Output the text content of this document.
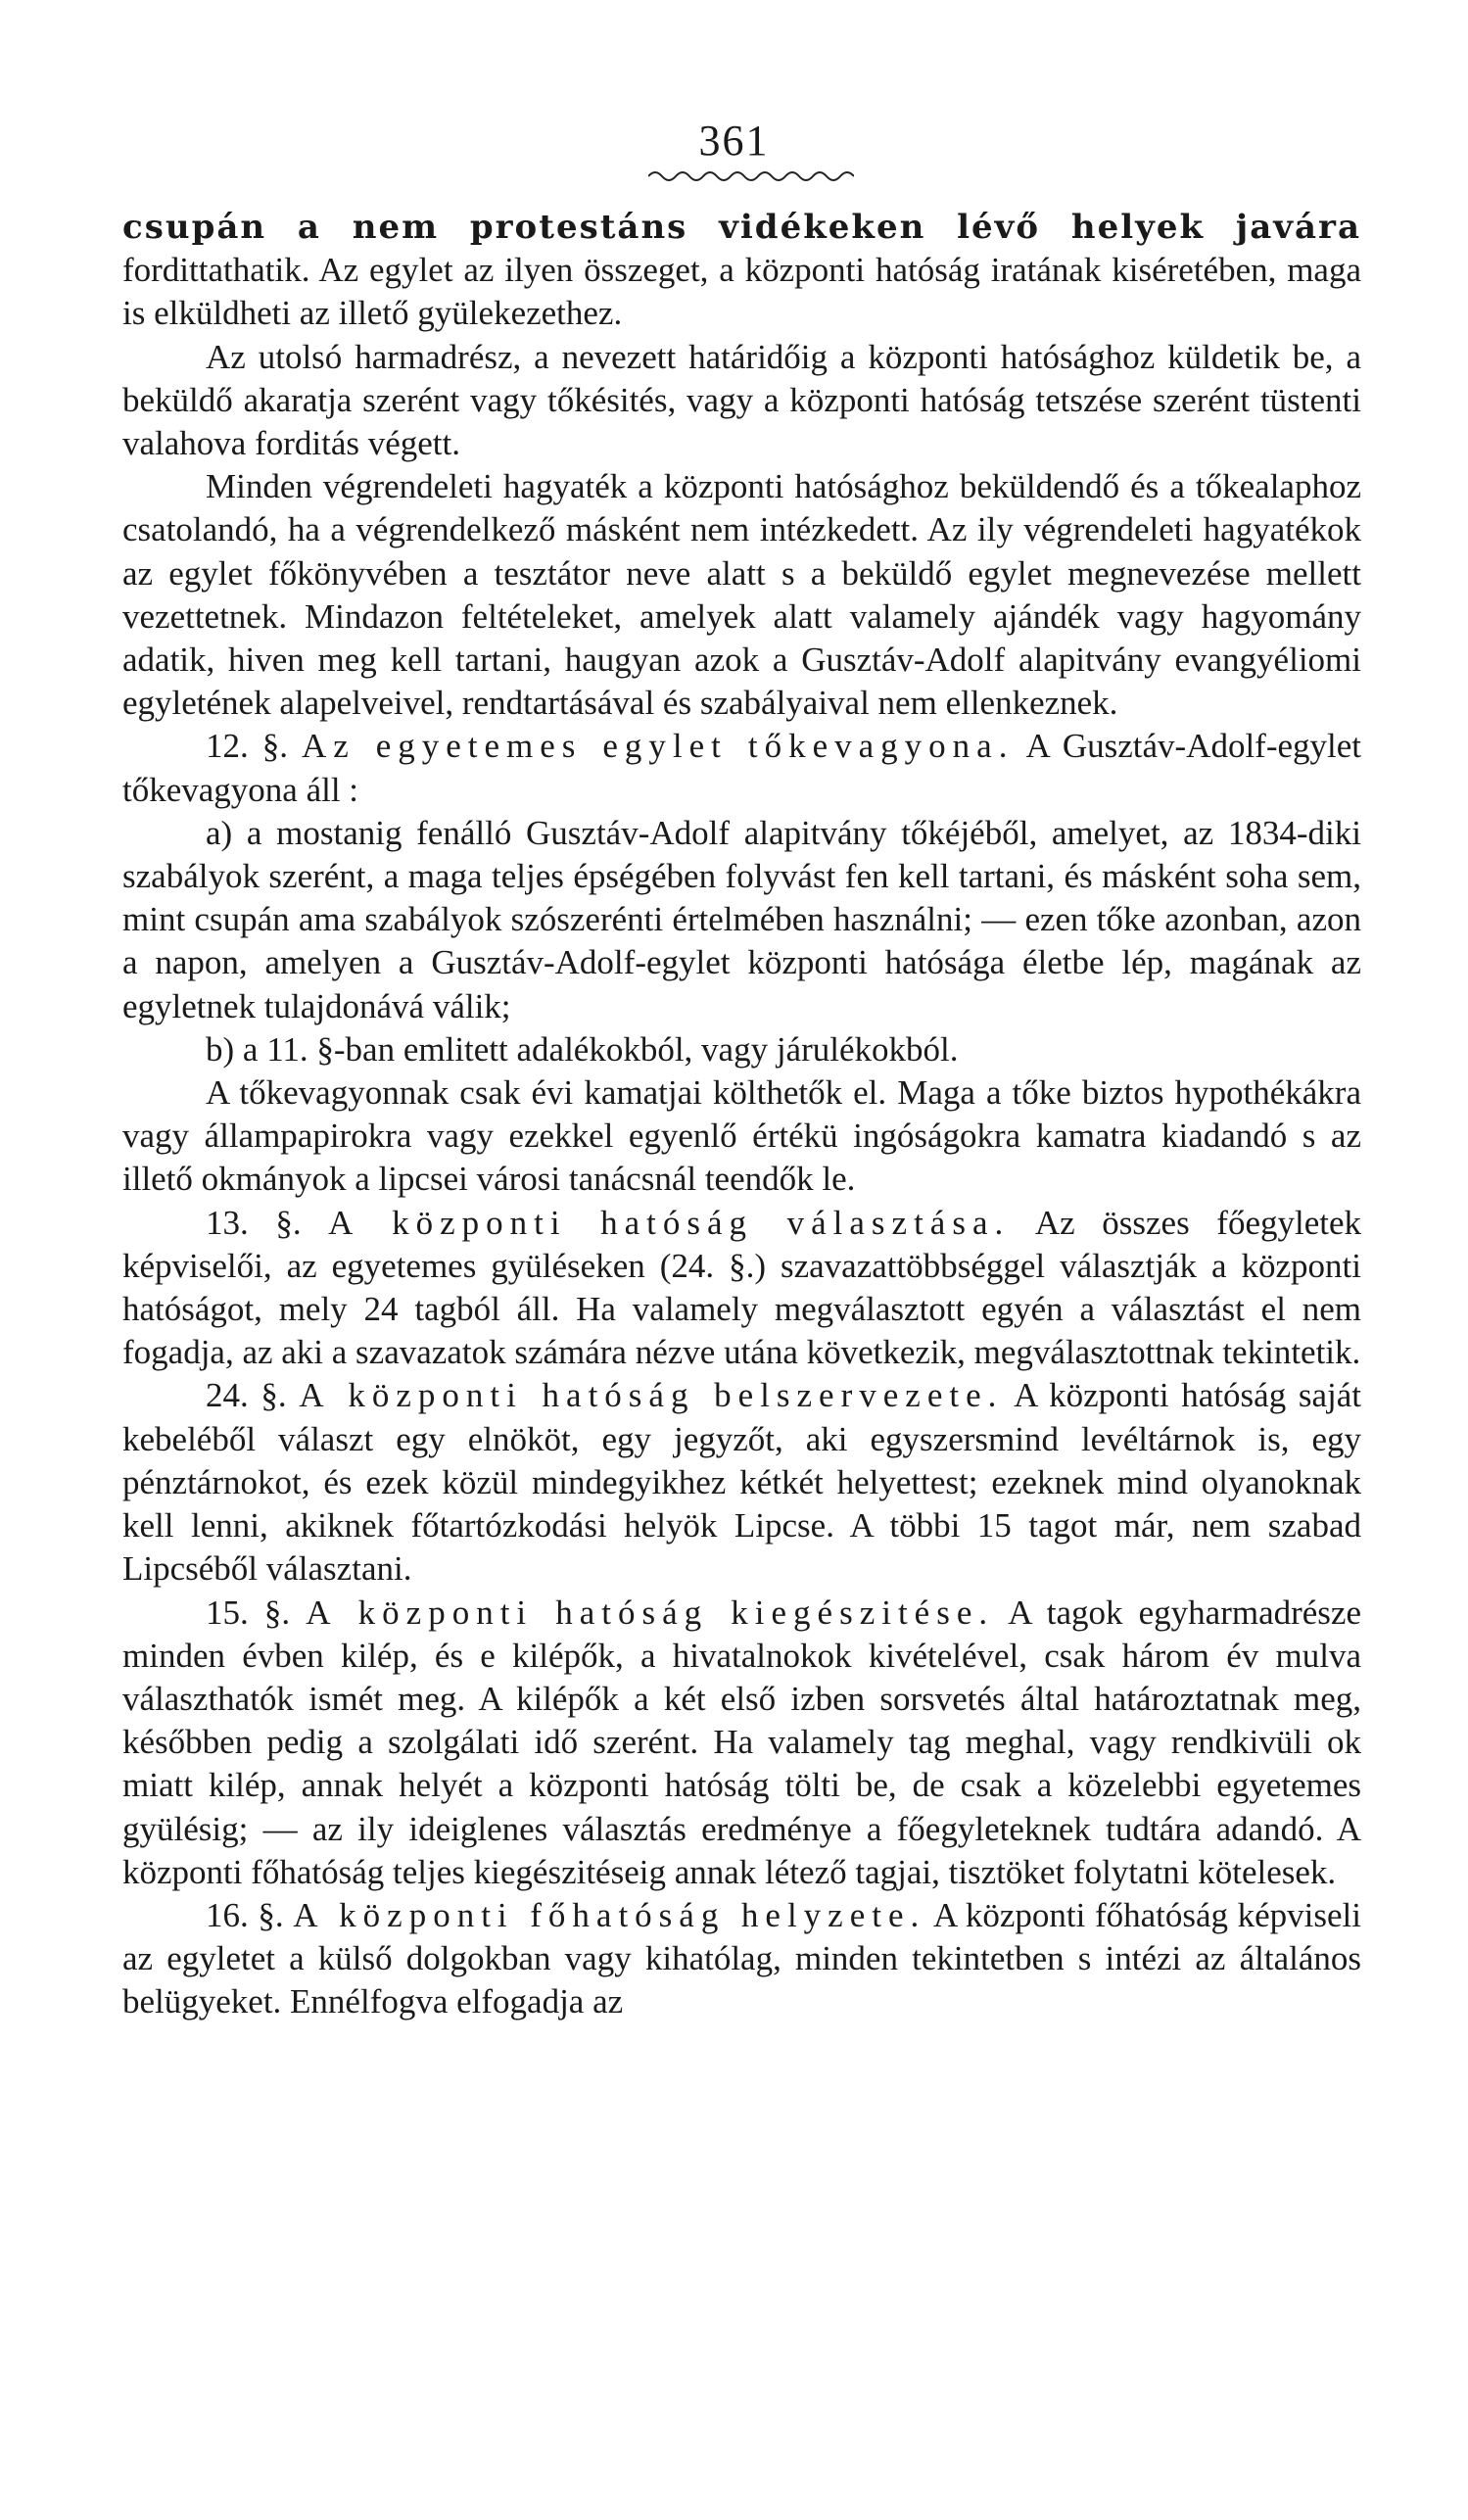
361

csupán a nem protestáns vidékeken lévő helyek javára fordittathatik. Az egylet az ilyen összeget, a központi hatóság iratának kiséretében, maga is elküldheti az illető gyülekezethez.

Az utolsó harmadrész, a nevezett határidőig a központi hatósághoz küldetik be, a beküldő akaratja szerént vagy tőkésités, vagy a központi hatóság tetszése szerént tüstenti valahova forditás végett.

Minden végrendeleti hagyaték a központi hatósághoz beküldendő és a tőkealaphoz csatolandó, ha a végrendelkező másként nem intézkedett. Az ily végrendeleti hagyatékok az egylet főkönyvében a tesztátor neve alatt s a beküldő egylet megnevezése mellett vezettetnek. Mindazon feltételeket, amelyek alatt valamely ajándék vagy hagyomány adatik, hiven meg kell tartani, haugyan azok a Gusztáv-Adolf alapitvány evangyéliomi egyletének alapelveivel, rendtartásával és szabályaival nem ellenkeznek.

12. §. Az egyetemes egylet tőkevagyona. A Gusztáv-Adolf-egylet tőkevagyona áll :

a) a mostanig fenálló Gusztáv-Adolf alapitvány tőkéjéből, amelyet, az 1834-diki szabályok szerént, a maga teljes épségében folyvást fen kell tartani, és másként soha sem, mint csupán ama szabályok szószerénti értelmében használni; — ezen tőke azonban, azon a napon, amelyen a Gusztáv-Adolf-egylet központi hatósága életbe lép, magának az egyletnek tulajdonává válik;

b) a 11. §-ban emlitett adalékokból, vagy járulékokból.

A tőkevagyonnak csak évi kamatjai költhetők el. Maga a tőke biztos hypothékákra vagy állampapirokra vagy ezekkel egyenlő értékü ingóságokra kamatra kiadandó s az illető okmányok a lipcsei városi tanácsnál teendők le.

13. §. A központi hatóság választása. Az összes főegyletek képviselői, az egyetemes gyüléseken (24. §.) szavazattöbbséggel választják a központi hatóságot, mely 24 tagból áll. Ha valamely megválasztott egyén a választást el nem fogadja, az aki a szavazatok számára nézve utána következik, megválasztottnak tekintetik.

24. §. A központi hatóság belszervezete. A központi hatóság saját kebeléből választ egy elnököt, egy jegyzőt, aki egyszersmind levéltárnok is, egy pénztárnokot, és ezek közül mindegyikhez kétkét helyettest; ezeknek mind olyanoknak kell lenni, akiknek főtartózkodási helyök Lipcse. A többi 15 tagot már, nem szabad Lipcséből választani.

15. §. A központi hatóság kiegészitése. A tagok egyharmadrésze minden évben kilép, és e kilépők, a hivatalnokok kivételével, csak három év mulva választhatók ismét meg. A kilépők a két első izben sorsvetés által határoztatnak meg, későbben pedig a szolgálati idő szerént. Ha valamely tag meghal, vagy rendkivüli ok miatt kilép, annak helyét a központi hatóság tölti be, de csak a közelebbi egyetemes gyülésig; — az ily ideiglenes választás eredménye a főegyleteknek tudtára adandó. A központi főhatóság teljes kiegészitéseig annak létező tagjai, tisztöket folytatni kötelesek.

16. §. A központi főhatóság helyzete. A központi főhatóság képviseli az egyletet a külső dolgokban vagy kihatólag, minden tekintetben s intézi az általános belügyeket. Ennélfogva elfogadja az
